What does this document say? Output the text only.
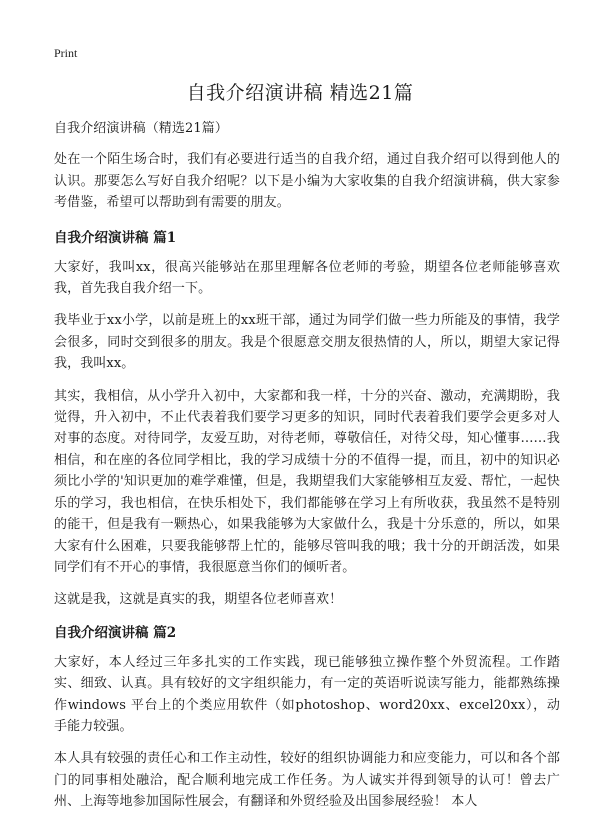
Print
自我介绍演讲稿 精选21篇

自我介绍演讲稿（精选21篇）

处在一个陌生场合时，我们有必要进行适当的自我介绍，通过自我介绍可以得到他人的认识。那要怎么写好自我介绍呢？以下是小编为大家收集的自我介绍演讲稿，供大家参考借鉴，希望可以帮助到有需要的朋友。

自我介绍演讲稿 篇1

大家好，我叫xx，很高兴能够站在那里理解各位老师的考验，期望各位老师能够喜欢我，首先我自我介绍一下。

我毕业于xx小学，以前是班上的xx班干部，通过为同学们做一些力所能及的事情，我学会很多，同时交到很多的朋友。我是个很愿意交朋友很热情的人，所以，期望大家记得我，我叫xx。

其实，我相信，从小学升入初中，大家都和我一样，十分的兴奋、激动，充满期盼，我觉得，升入初中，不止代表着我们要学习更多的知识，同时代表着我们要学会更多对人对事的态度。对待同学，友爱互助，对待老师，尊敬信任，对待父母，知心懂事……我相信，和在座的各位同学相比，我的学习成绩十分的不值得一提，而且，初中的知识必须比小学的'知识更加的难学难懂，但是，我期望我们大家能够相互友爱、帮忙，一起快乐的学习，我也相信，在快乐相处下，我们都能够在学习上有所收获，我虽然不是特别的能干，但是我有一颗热心，如果我能够为大家做什么，我是十分乐意的，所以，如果大家有什么困难，只要我能够帮上忙的，能够尽管叫我的哦；我十分的开朗活泼，如果同学们有不开心的事情，我很愿意当你们的倾听者。

这就是我，这就是真实的我，期望各位老师喜欢！

自我介绍演讲稿 篇2

大家好，本人经过三年多扎实的工作实践，现已能够独立操作整个外贸流程。工作踏实、细致、认真。具有较好的文字组织能力，有一定的英语听说读写能力，能都熟练操作windows 平台上的个类应用软件（如photoshop、word20xx、excel20xx），动手能力较强。

本人具有较强的责任心和工作主动性，较好的组织协调能力和应变能力，可以和各个部门的同事相处融洽，配合顺利地完成工作任务。为人诚实并得到领导的认可！曾去广州、上海等地参加国际性展会，有翻译和外贸经验及出国参展经验！ 本人
